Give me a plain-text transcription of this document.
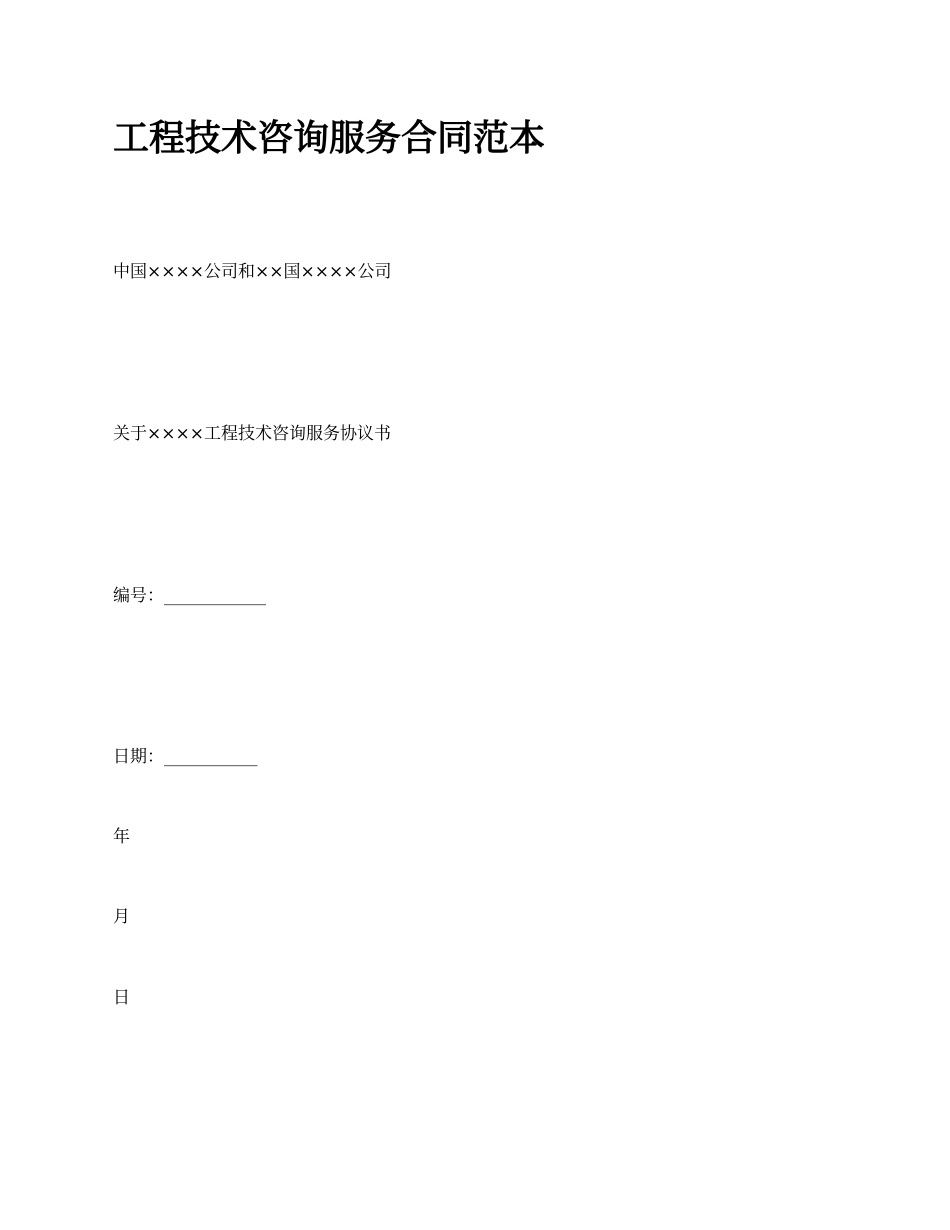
工程技术咨询服务合同范本

中国××××公司和××国××××公司

关于××××工程技术咨询服务协议书

编号：____________

日期：___________

年

月

日
